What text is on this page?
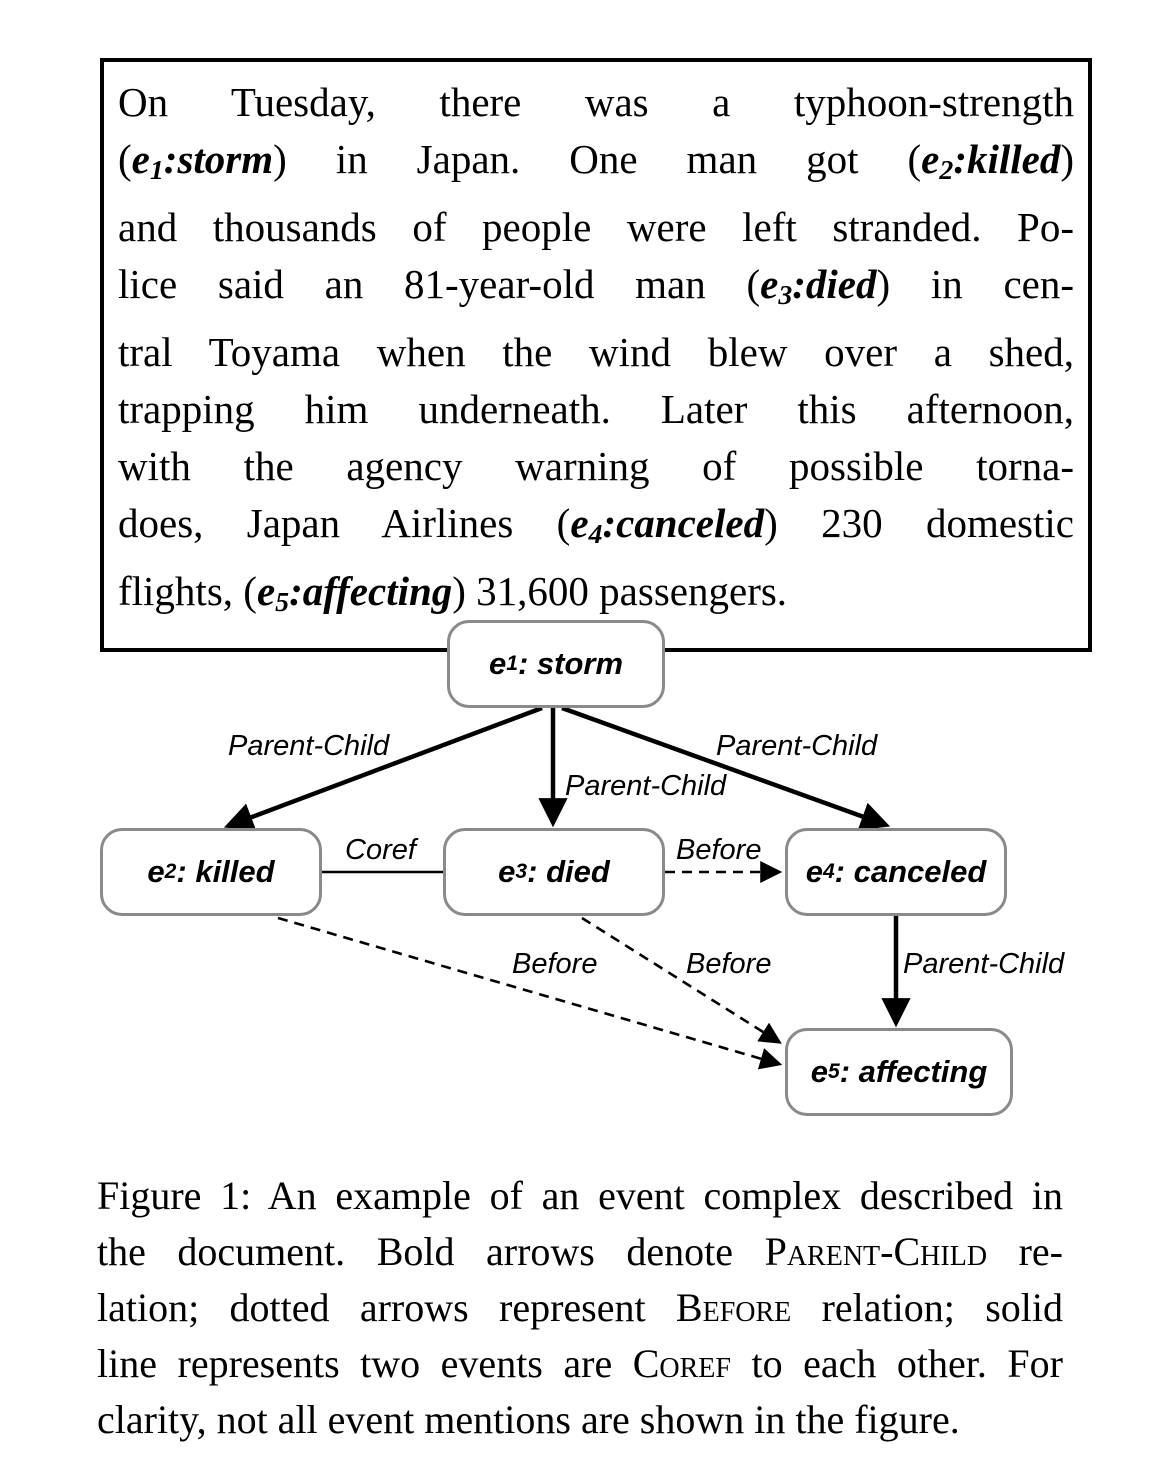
On Tuesday, there was a typhoon-strength
(e1:storm) in Japan. One man got (e2:killed)
and thousands of people were left stranded. Po-
lice said an 81-year-old man (e3:died) in cen-
tral Toyama when the wind blew over a shed,
trapping him underneath. Later this afternoon,
with the agency warning of possible torna-
does, Japan Airlines (e4:canceled) 230 domestic
flights, (e5:affecting) 31,600 passengers.
e 1 : storm
e 2 : killed	e 3 : died	e 4 : canceled
e 5 : affecting
Parent-Child
Parent-Child
Parent-Child
Coref	Before
Before	Before	Parent-Child
Figure 1: An example of an event complex described in
the document. Bold arrows denote Parent-Child re-
lation; dotted arrows represent Before relation; solid
line represents two events are Coref to each other. For
clarity, not all event mentions are shown in the figure.
